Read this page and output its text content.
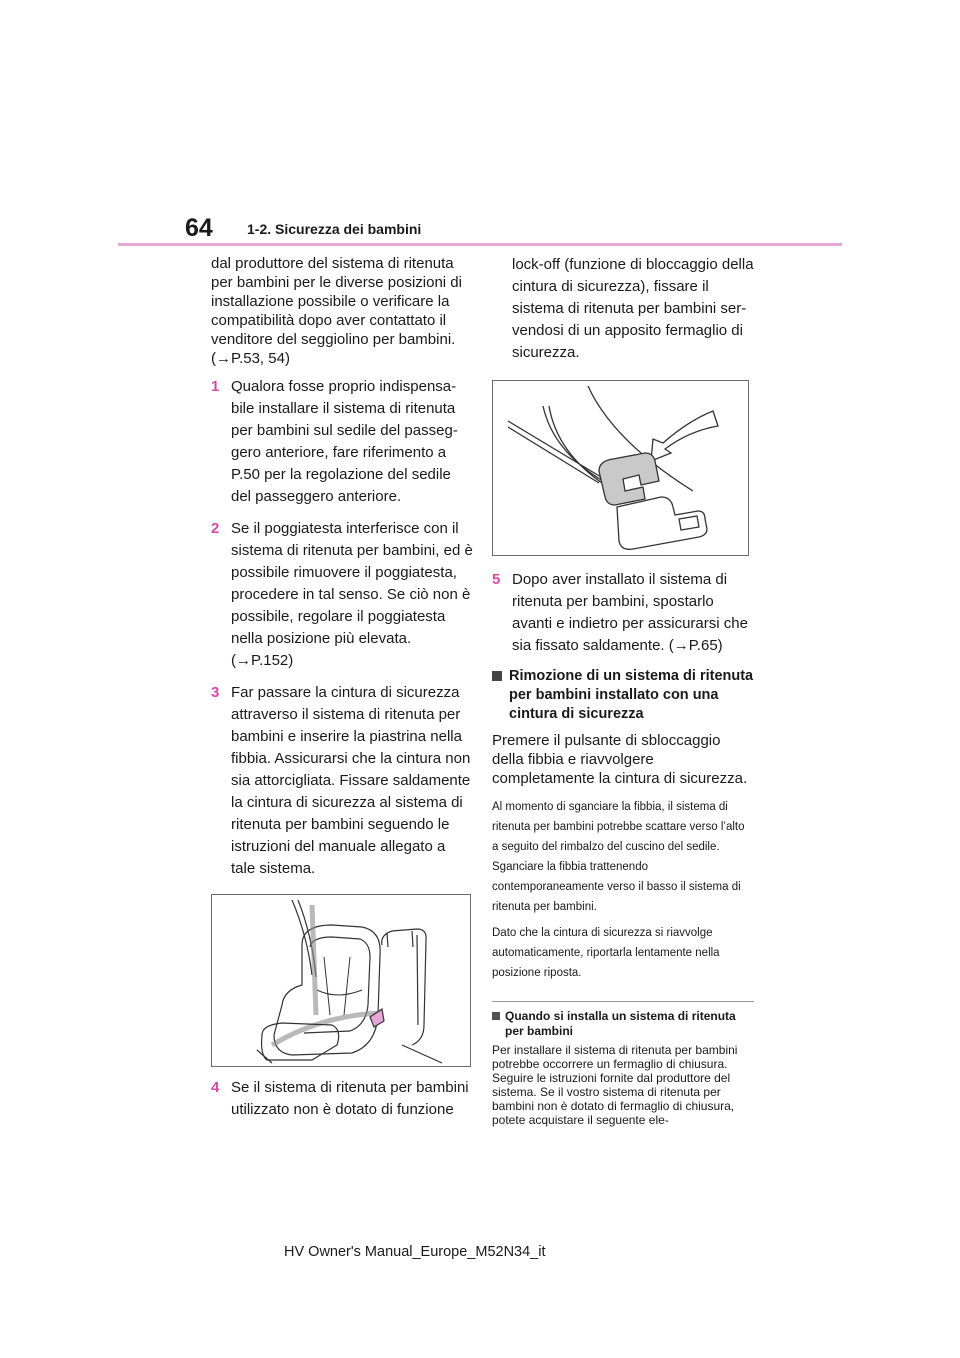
64 1-2. Sicurezza dei bambini

dal produttore del sistema di ritenuta per bambini per le diverse posizioni di installazione possibile o verificare la compatibilità dopo aver contattato il venditore del seggiolino per bambini. (→P.53, 54)

1 Qualora fosse proprio indispensabile installare il sistema di ritenuta per bambini sul sedile del passeggero anteriore, fare riferimento a P.50 per la regolazione del sedile del passeggero anteriore.

2 Se il poggiatesta interferisce con il sistema di ritenuta per bambini, ed è possibile rimuovere il poggiatesta, procedere in tal senso. Se ciò non è possibile, regolare il poggiatesta nella posizione più elevata. (→P.152)

3 Far passare la cintura di sicurezza attraverso il sistema di ritenuta per bambini e inserire la piastrina nella fibbia. Assicurarsi che la cintura non sia attorcigliata. Fissare saldamente la cintura di sicurezza al sistema di ritenuta per bambini seguendo le istruzioni del manuale allegato a tale sistema.

4 Se il sistema di ritenuta per bambini utilizzato non è dotato di funzione

lock-off (funzione di bloccaggio della cintura di sicurezza), fissare il sistema di ritenuta per bambini servendosi di un apposito fermaglio di sicurezza.

5 Dopo aver installato il sistema di ritenuta per bambini, spostarlo avanti e indietro per assicurarsi che sia fissato saldamente. (→P.65)

Rimozione di un sistema di ritenuta per bambini installato con una cintura di sicurezza

Premere il pulsante di sbloccaggio della fibbia e riavvolgere completamente la cintura di sicurezza.

Al momento di sganciare la fibbia, il sistema di ritenuta per bambini potrebbe scattare verso l’alto a seguito del rimbalzo del cuscino del sedile. Sganciare la fibbia trattenendo contemporaneamente verso il basso il sistema di ritenuta per bambini.

Dato che la cintura di sicurezza si riavvolge automaticamente, riportarla lentamente nella posizione riposta.

Quando si installa un sistema di ritenuta per bambini

Per installare il sistema di ritenuta per bambini potrebbe occorrere un fermaglio di chiusura. Seguire le istruzioni fornite dal produttore del sistema. Se il vostro sistema di ritenuta per bambini non è dotato di fermaglio di chiusura, potete acquistare il seguente ele-

HV Owner's Manual_Europe_M52N34_it
